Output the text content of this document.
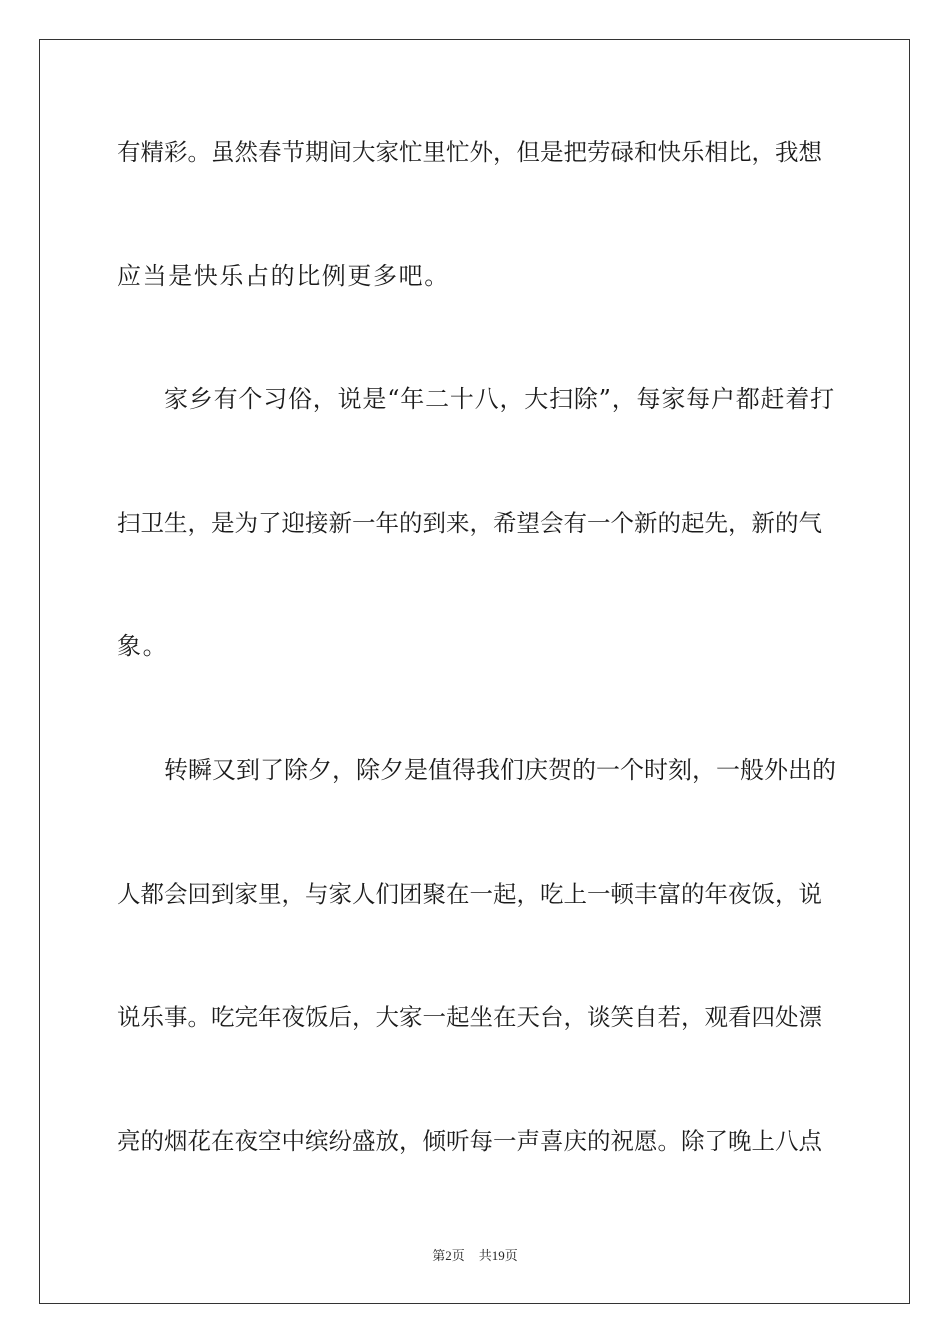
有精彩。虽然春节期间大家忙里忙外，但是把劳碌和快乐相比，我想
应当是快乐占的比例更多吧。
家乡有个习俗，说是“年二十八，大扫除”，每家每户都赶着打
扫卫生，是为了迎接新一年的到来，希望会有一个新的起先，新的气
象。
转瞬又到了除夕，除夕是值得我们庆贺的一个时刻，一般外出的
人都会回到家里，与家人们团聚在一起，吃上一顿丰富的年夜饭，说
说乐事。吃完年夜饭后，大家一起坐在天台，谈笑自若，观看四处漂
亮的烟花在夜空中缤纷盛放，倾听每一声喜庆的祝愿。除了晚上八点
第2页 共19页
